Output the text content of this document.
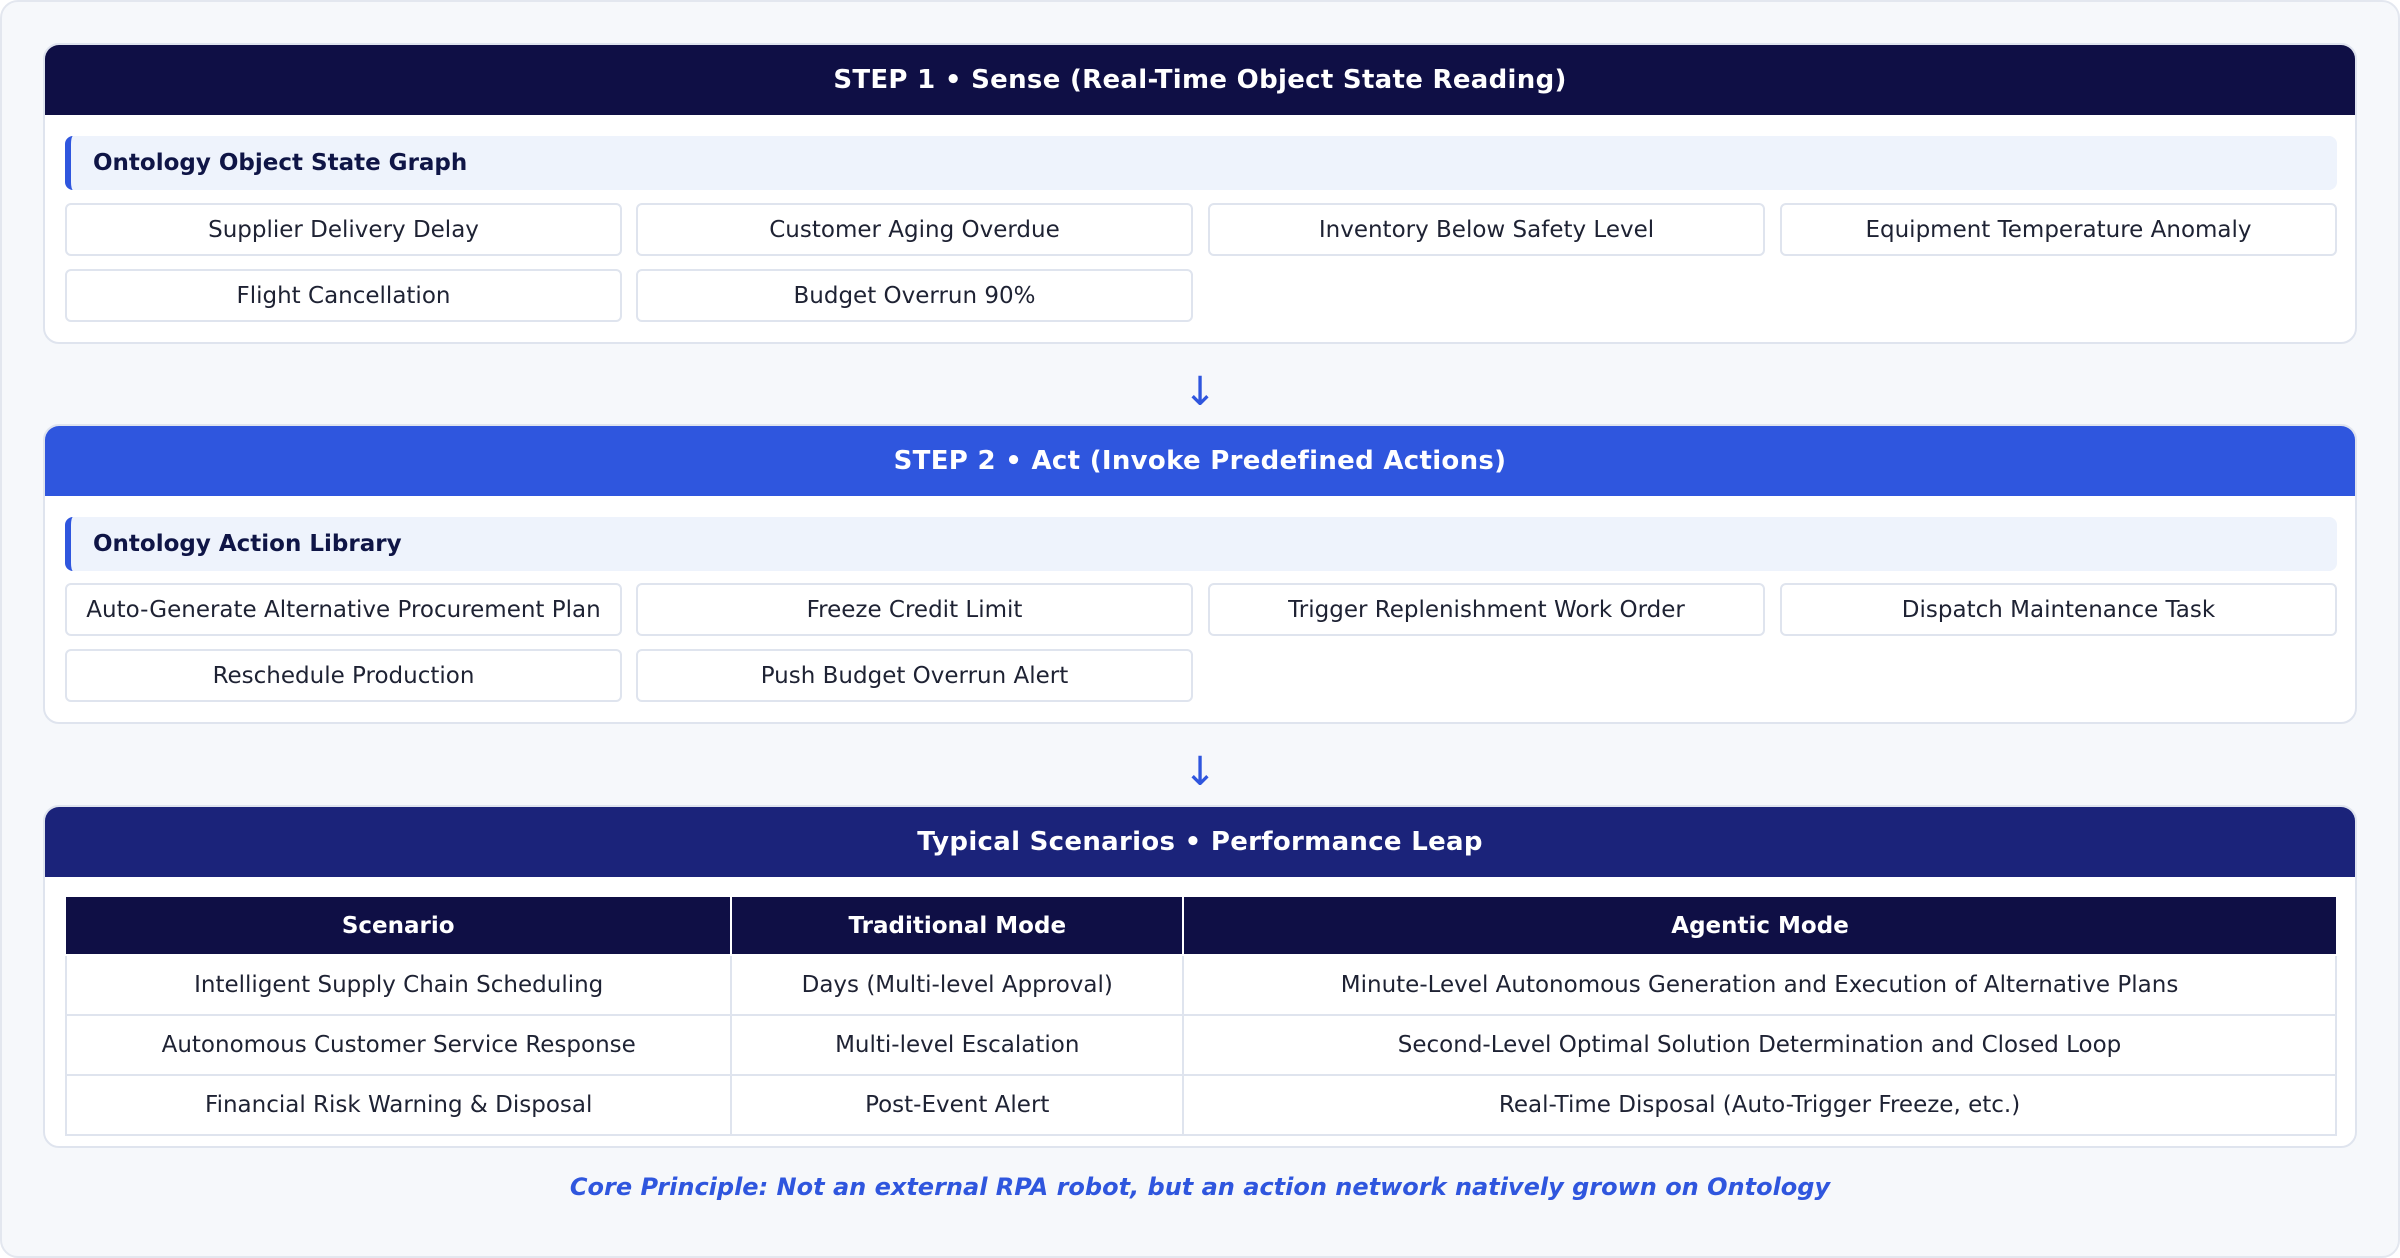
STEP 1 • Sense (Real-Time Object State Reading)
Ontology Object State Graph
Supplier Delivery Delay	Customer Aging Overdue	Inventory Below Safety Level	Equipment Temperature Anomaly
Flight Cancellation	Budget Overrun 90%
↓
STEP 2 • Act (Invoke Predefined Actions)
Ontology Action Library
Auto-Generate Alternative Procurement Plan	Freeze Credit Limit	Trigger Replenishment Work Order	Dispatch Maintenance Task
Reschedule Production	Push Budget Overrun Alert
↓
Typical Scenarios • Performance Leap
Scenario	Traditional Mode	Agentic Mode
Intelligent Supply Chain Scheduling	Days (Multi-level Approval)	Minute-Level Autonomous Generation and Execution of Alternative Plans
Autonomous Customer Service Response	Multi-level Escalation	Second-Level Optimal Solution Determination and Closed Loop
Financial Risk Warning & Disposal	Post-Event Alert	Real-Time Disposal (Auto-Trigger Freeze, etc.)
Core Principle: Not an external RPA robot, but an action network natively grown on Ontology
